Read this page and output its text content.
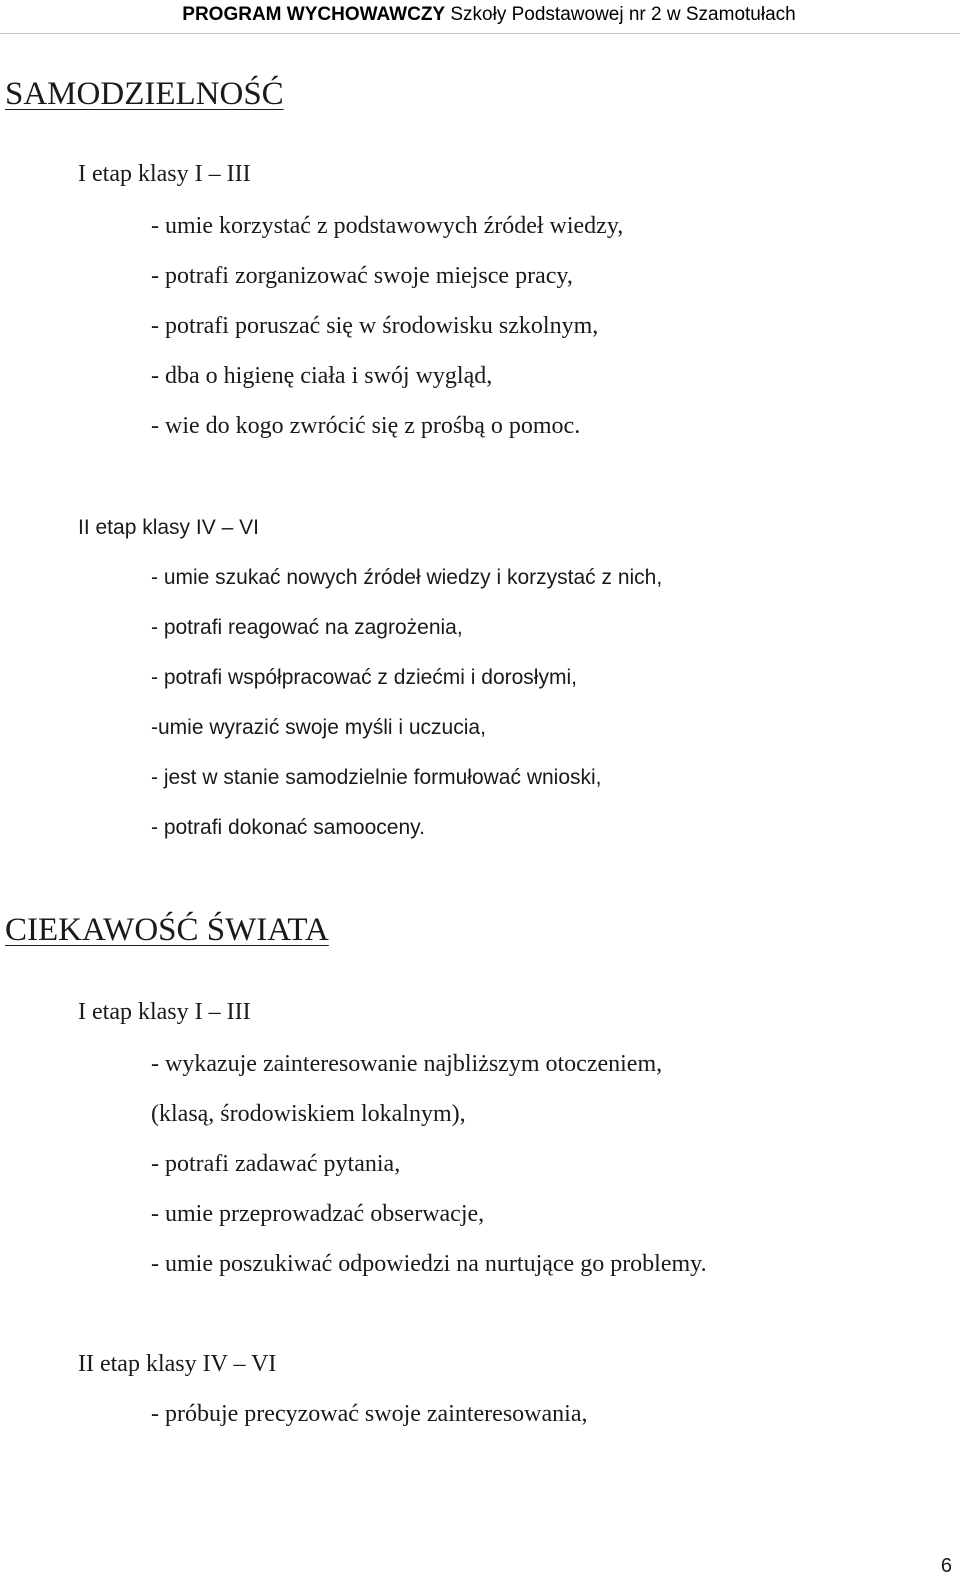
PROGRAM WYCHOWAWCZY Szkoły Podstawowej nr 2 w Szamotułach
SAMODZIELNOŚĆ
I etap klasy I – III
- umie korzystać z podstawowych źródeł wiedzy,
- potrafi zorganizować swoje miejsce pracy,
- potrafi poruszać się w środowisku szkolnym,
- dba o higienę ciała i swój wygląd,
- wie do kogo zwrócić się z prośbą o pomoc.
II etap klasy IV – VI
- umie szukać nowych źródeł wiedzy i korzystać z nich,
- potrafi reagować na zagrożenia,
- potrafi współpracować z dziećmi i dorosłymi,
-umie wyrazić swoje myśli i uczucia,
- jest w stanie samodzielnie formułować wnioski,
- potrafi dokonać samooceny.
CIEKAWOŚĆ ŚWIATA
I etap klasy I – III
- wykazuje zainteresowanie najbliższym otoczeniem,
(klasą, środowiskiem lokalnym),
- potrafi zadawać pytania,
- umie przeprowadzać obserwacje,
- umie poszukiwać odpowiedzi na nurtujące go problemy.
II etap klasy IV – VI
- próbuje precyzować swoje zainteresowania,
6
